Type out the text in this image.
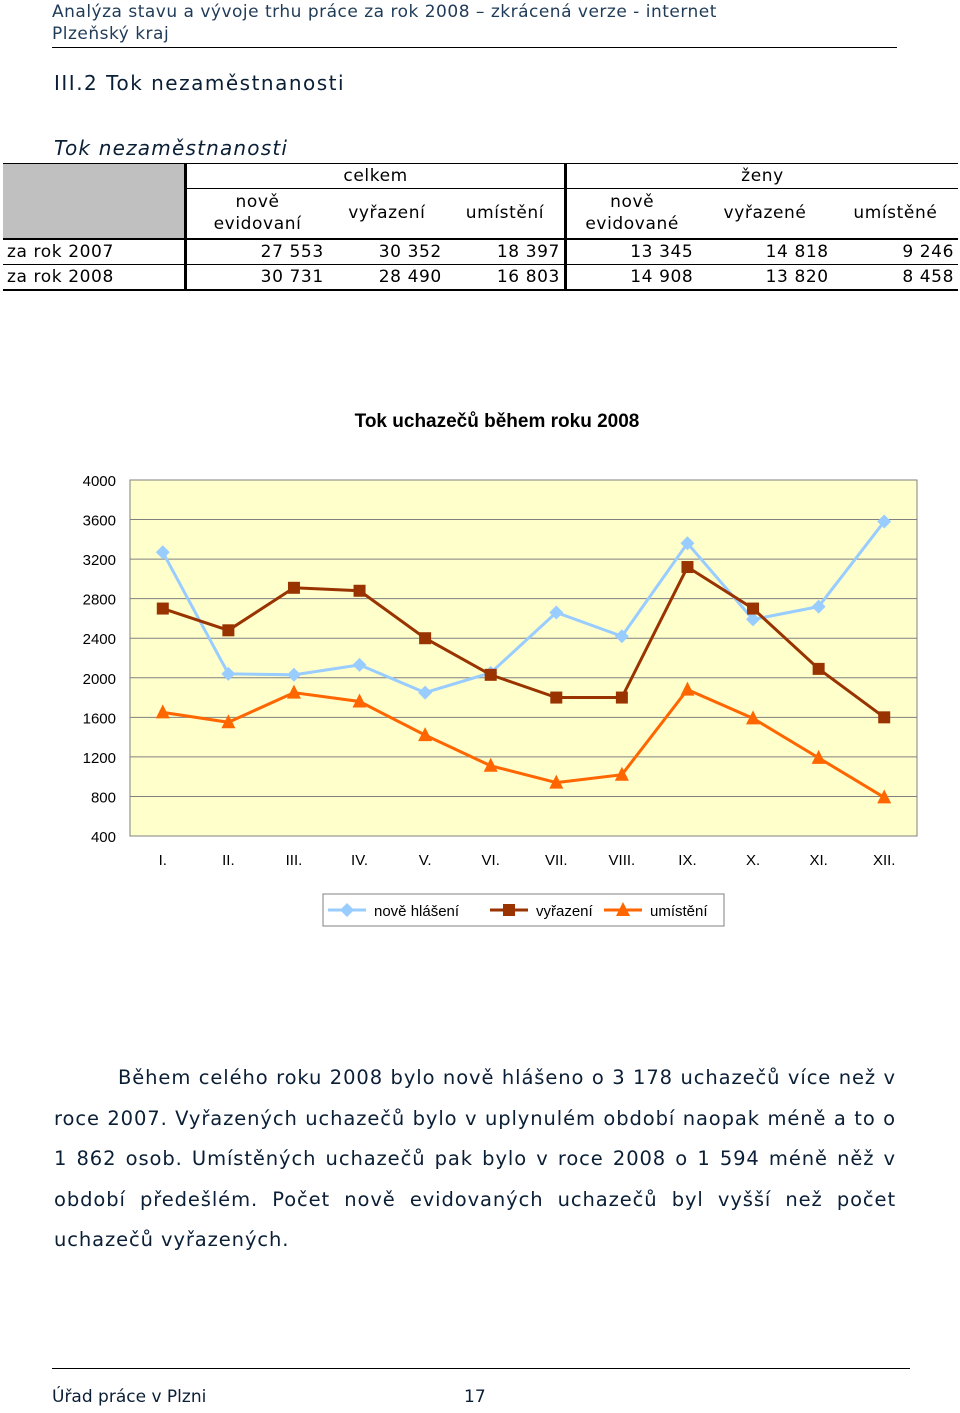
Analýza stavu a vývoje trhu práce za rok 2008 – zkrácená verze - internet
Plzeňský kraj
III.2 Tok nezaměstnanosti
Tok nezaměstnanosti
	celkem			ženy		
	nově evidovaní	vyřazení	umístění	nově evidované	vyřazené	umístěné
za rok 2007	27 553	30 352	18 397	13 345	14 818	9 246
za rok 2008	30 731	28 490	16 803	14 908	13 820	8 458
Tok uchazečů během roku 2008
4000
3600
3200
2800
2400
2000
1600
1200
800
400
I.	II.	III.	IV.	V.	VI.	VII.	VIII.	IX.	X.	XI.	XII.
nově hlášení	vyřazení	umístění
Během celého roku 2008 bylo nově hlášeno o 3 178 uchazečů více než v roce 2007. Vyřazených uchazečů bylo v uplynulém období naopak méně a to o 1 862 osob. Umístěných uchazečů pak bylo v roce 2008 o 1 594 méně něž v období předešlém. Počet nově evidovaných uchazečů byl vyšší než počet uchazečů vyřazených.
Úřad práce v Plzni	17
